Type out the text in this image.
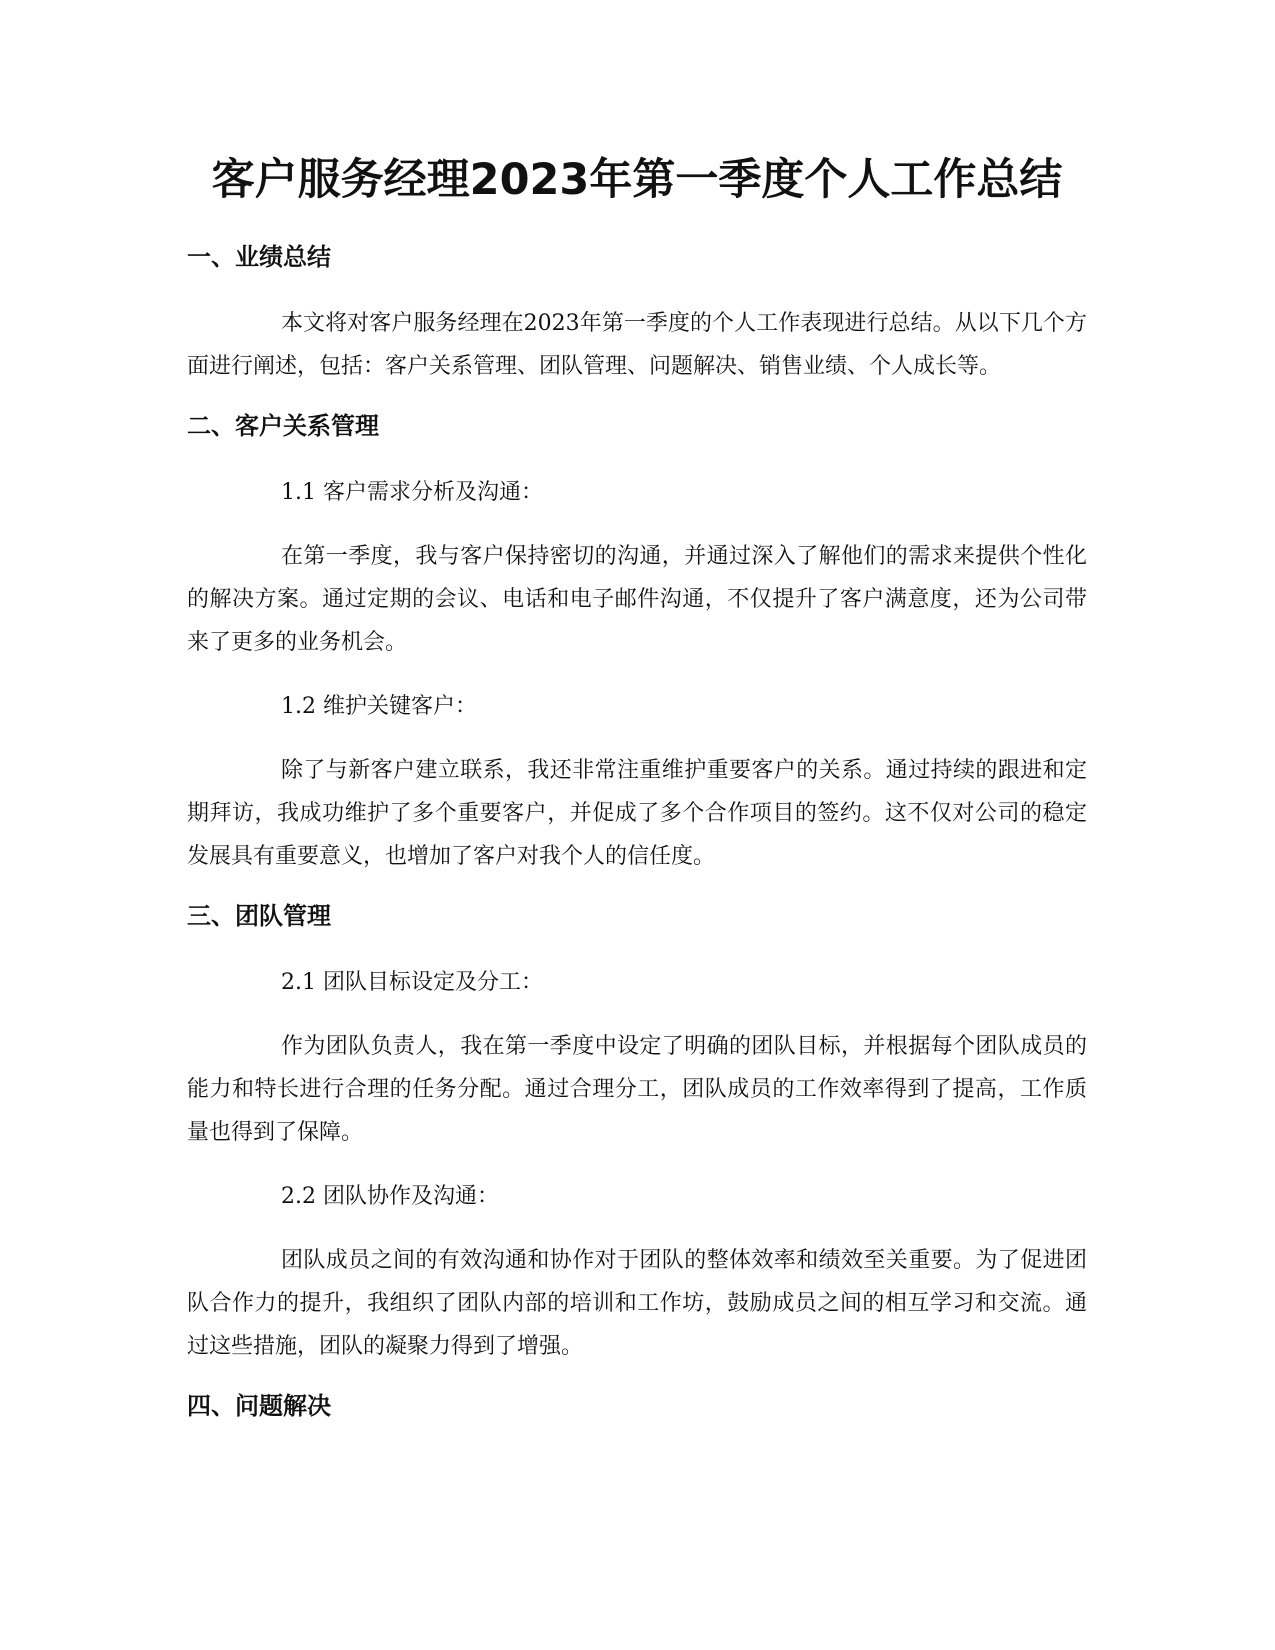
客户服务经理2023年第一季度个人工作总结
一、业绩总结

本文将对客户服务经理在2023年第一季度的个人工作表现进行总结。从以下几个方面进行阐述，包括：客户关系管理、团队管理、问题解决、销售业绩、个人成长等。

二、客户关系管理

1.1 客户需求分析及沟通：

在第一季度，我与客户保持密切的沟通，并通过深入了解他们的需求来提供个性化的解决方案。通过定期的会议、电话和电子邮件沟通，不仅提升了客户满意度，还为公司带来了更多的业务机会。

1.2 维护关键客户：

除了与新客户建立联系，我还非常注重维护重要客户的关系。通过持续的跟进和定期拜访，我成功维护了多个重要客户，并促成了多个合作项目的签约。这不仅对公司的稳定发展具有重要意义，也增加了客户对我个人的信任度。

三、团队管理

2.1 团队目标设定及分工：

作为团队负责人，我在第一季度中设定了明确的团队目标，并根据每个团队成员的能力和特长进行合理的任务分配。通过合理分工，团队成员的工作效率得到了提高，工作质量也得到了保障。

2.2 团队协作及沟通：

团队成员之间的有效沟通和协作对于团队的整体效率和绩效至关重要。为了促进团队合作力的提升，我组织了团队内部的培训和工作坊，鼓励成员之间的相互学习和交流。通过这些措施，团队的凝聚力得到了增强。

四、问题解决
